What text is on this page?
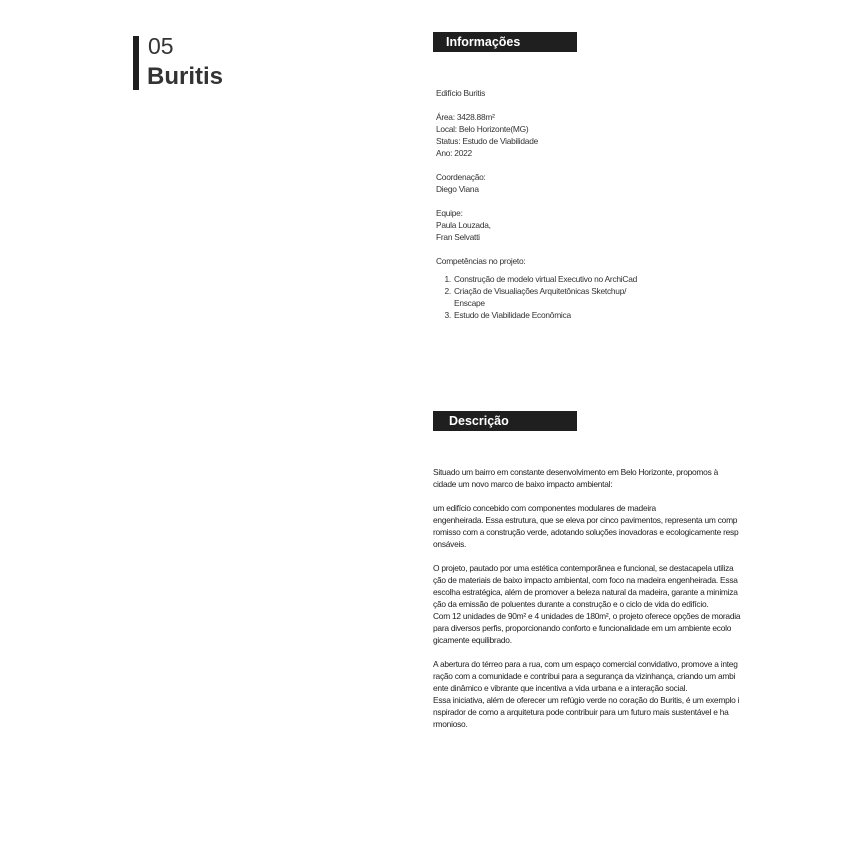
05
Buritis
Informações
Edifício Buritis
Área: 3428.88m²
Local: Belo Horizonte(MG)
Status: Estudo de Viabilidade
Ano: 2022
Coordenação:
Diego Viana
Equipe:
Paula Louzada,
Fran Selvatti
Competências no projeto:
1. Construção de modelo virtual Executivo no ArchiCad
2. Criação de Visualiações Arquitetônicas Sketchup/
Enscape
3. Estudo de Viabilidade Econômica
Descrição
Situado um bairro em constante desenvolvimento em Belo Horizonte, propomos à
cidade um novo marco de baixo impacto ambiental:
um edifício concebido com componentes modulares de madeira
engenheirada. Essa estrutura, que se eleva por cinco pavimentos, representa um comp
romisso com a construção verde, adotando soluções inovadoras e ecologicamente resp
onsáveis.
O projeto, pautado por uma estética contemporânea e funcional, se destacapela utiliza
ção de materiais de baixo impacto ambiental, com foco na madeira engenheirada. Essa
escolha estratégica, além de promover a beleza natural da madeira, garante a minimiza
ção da emissão de poluentes durante a construção e o ciclo de vida do edifício.
Com 12 unidades de 90m² e 4 unidades de 180m², o projeto oferece opções de moradia
para diversos perfis, proporcionando conforto e funcionalidade em um ambiente ecolo
gicamente equilibrado.
A abertura do térreo para a rua, com um espaço comercial convidativo, promove a integ
ração com a comunidade e contribui para a segurança da vizinhança, criando um ambi
ente dinâmico e vibrante que incentiva a vida urbana e a interação social.
Essa iniciativa, além de oferecer um refúgio verde no coração do Buritis, é um exemplo i
nspirador de como a arquitetura pode contribuir para um futuro mais sustentável e ha
rmonioso.
